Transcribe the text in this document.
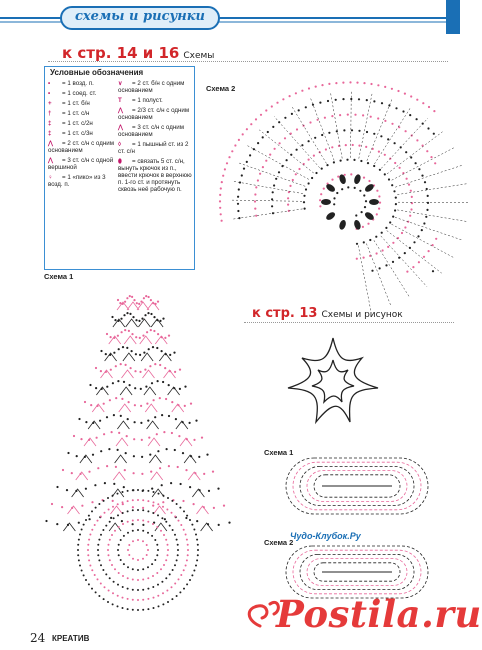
схемы и рисунки
к стр. 14 и 16 Схемы
Условные обозначения
• = 1 возд. п.
• = 1 соед. ст.
+ = 1 ст. б/н
† = 1 ст. с/н
‡ = 1 ст. с/2н
‡ = 1 ст. с/3н
⋀ = 2 ст. с/н с одним основанием
⋀ = 3 ст. с/н с одной вершиной
♀ = 1 «пико» из 3 возд. п.
∨ = 2 ст. б/н с одним основанием
T = 1 полуст.
⋀ = 2/3 ст. с/н с одним основанием
⋀ = 3 ст. с/н с одним основанием
◊ = 1 пышный ст. из 2 ст. с/н
⬮ = связать 5 ст. с/н, вынуть крючок из п., ввести крючок в верхнюю п. 1-го ст. и протянуть сквозь неё рабочую п.
Схема 2
Схема 1
к стр. 13 Схемы и рисунок
Схема 1
Чудо-Клубок.Ру
Схема 2
24 КРЕАТИВ
Postila.ru
